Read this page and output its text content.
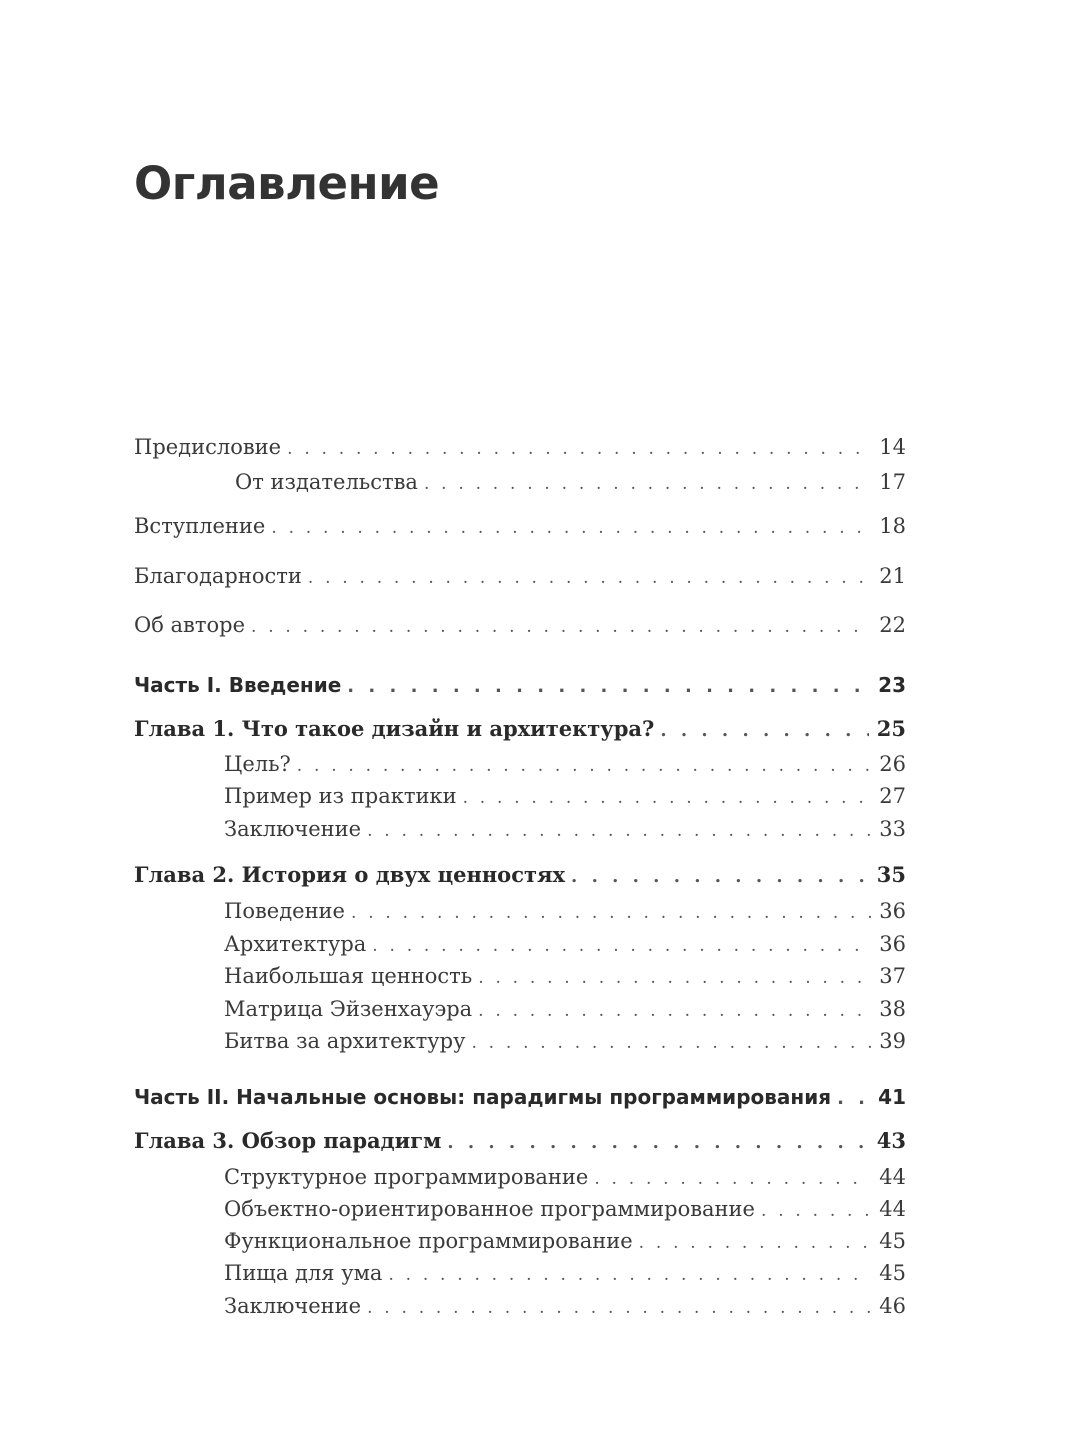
Оглавление
Предисловие . . .	14
От издательства . . .	17
Вступление . . .	18
Благодарности . . .	21
Об авторе . . .	22
Часть I. Введение . . .	23
Глава 1. Что такое дизайн и архитектура? . . .	25
Цель? . . .	26
Пример из практики . . .	27
Заключение . . .	33
Глава 2. История о двух ценностях . . .	35
Поведение . . .	36
Архитектура . . .	36
Наибольшая ценность . . .	37
Матрица Эйзенхауэра . . .	38
Битва за архитектуру . . .	39
Часть II. Начальные основы: парадигмы программирования . . . 41
Глава 3. Обзор парадигм . . .	43
Структурное программирование . . .	44
Объектно-ориентированное программирование . . .	44
Функциональное программирование . . .	45
Пища для ума . . .	45
Заключение . . .	46
